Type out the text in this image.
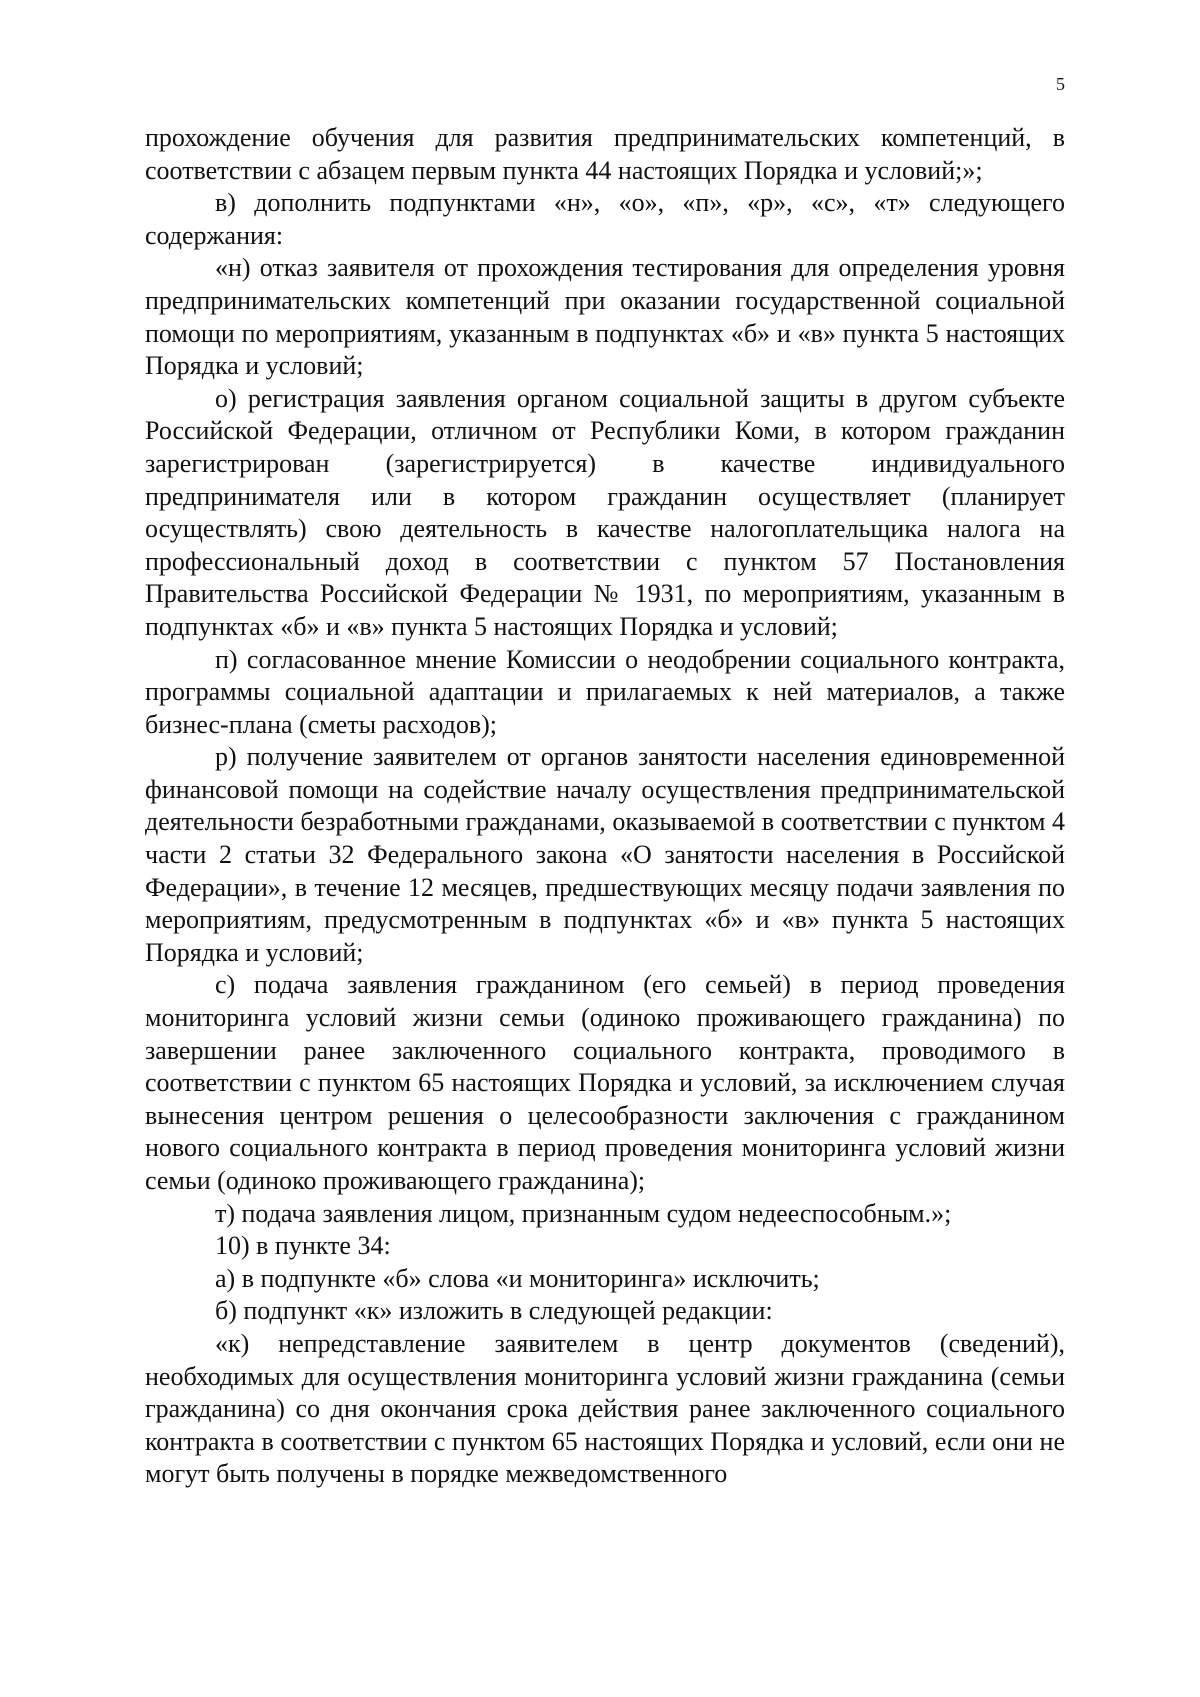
5

прохождение обучения для развития предпринимательских компетенций, в соответствии с абзацем первым пункта 44 настоящих Порядка и условий;»;

в) дополнить подпунктами «н», «о», «п», «р», «с», «т» следующего содержания:

«н) отказ заявителя от прохождения тестирования для определения уровня предпринимательских компетенций при оказании государственной социальной помощи по мероприятиям, указанным в подпунктах «б» и «в» пункта 5 настоящих Порядка и условий;

о) регистрация заявления органом социальной защиты в другом субъекте Российской Федерации, отличном от Республики Коми, в котором гражданин зарегистрирован (зарегистрируется) в качестве индивидуального предпринимателя или в котором гражданин осуществляет (планирует осуществлять) свою деятельность в качестве налогоплательщика налога на профессиональный доход в соответствии с пунктом 57 Постановления Правительства Российской Федерации № 1931, по мероприятиям, указанным в подпунктах «б» и «в» пункта 5 настоящих Порядка и условий;

п) согласованное мнение Комиссии о неодобрении социального контракта, программы социальной адаптации и прилагаемых к ней материалов, а также бизнес-плана (сметы расходов);

р) получение заявителем от органов занятости населения единовременной финансовой помощи на содействие началу осуществления предпринимательской деятельности безработными гражданами, оказываемой в соответствии с пунктом 4 части 2 статьи 32 Федерального закона «О занятости населения в Российской Федерации», в течение 12 месяцев, предшествующих месяцу подачи заявления по мероприятиям, предусмотренным в подпунктах «б» и «в» пункта 5 настоящих Порядка и условий;

с) подача заявления гражданином (его семьей) в период проведения мониторинга условий жизни семьи (одиноко проживающего гражданина) по завершении ранее заключенного социального контракта, проводимого в соответствии с пунктом 65 настоящих Порядка и условий, за исключением случая вынесения центром решения о целесообразности заключения с гражданином нового социального контракта в период проведения мониторинга условий жизни семьи (одиноко проживающего гражданина);

т) подача заявления лицом, признанным судом недееспособным.»;

10) в пункте 34:

а) в подпункте «б» слова «и мониторинга» исключить;

б) подпункт «к» изложить в следующей редакции:

«к) непредставление заявителем в центр документов (сведений), необходимых для осуществления мониторинга условий жизни гражданина (семьи гражданина) со дня окончания срока действия ранее заключенного социального контракта в соответствии с пунктом 65 настоящих Порядка и условий, если они не могут быть получены в порядке межведомственного
